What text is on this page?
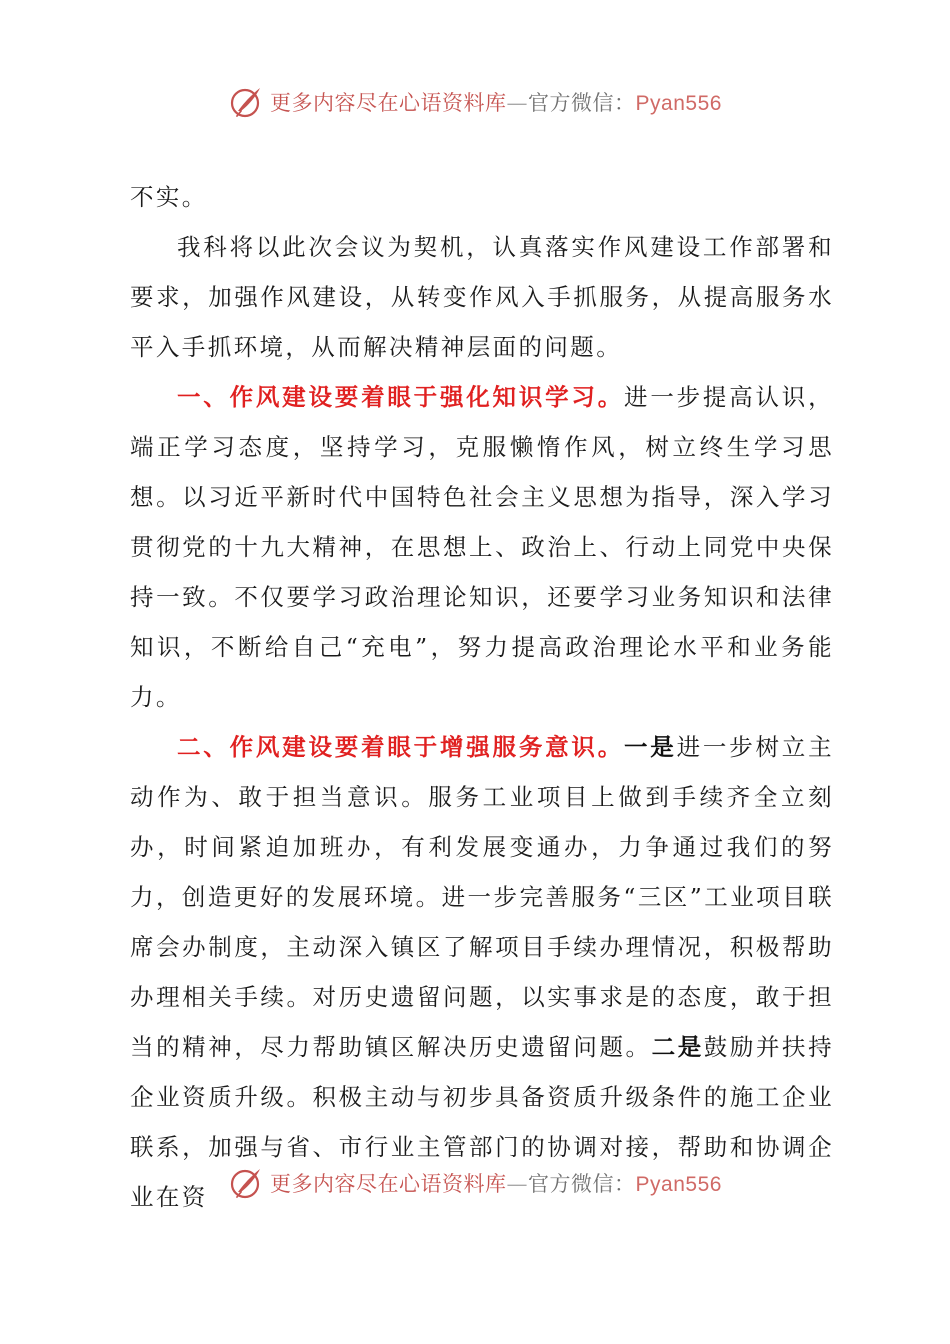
更多内容尽在心语资料库—官方微信：Pyan556

不实。

我科将以此次会议为契机，认真落实作风建设工作部署和要求，加强作风建设，从转变作风入手抓服务，从提高服务水平入手抓环境，从而解决精神层面的问题。

一、作风建设要着眼于强化知识学习。进一步提高认识，端正学习态度，坚持学习，克服懒惰作风，树立终生学习思想。以习近平新时代中国特色社会主义思想为指导，深入学习贯彻党的十九大精神，在思想上、政治上、行动上同党中央保持一致。不仅要学习政治理论知识，还要学习业务知识和法律知识，不断给自己“充电”，努力提高政治理论水平和业务能力。

二、作风建设要着眼于增强服务意识。一是进一步树立主动作为、敢于担当意识。服务工业项目上做到手续齐全立刻办，时间紧迫加班办，有利发展变通办，力争通过我们的努力，创造更好的发展环境。进一步完善服务“三区”工业项目联席会办制度，主动深入镇区了解项目手续办理情况，积极帮助办理相关手续。对历史遗留问题，以实事求是的态度，敢于担当的精神，尽力帮助镇区解决历史遗留问题。二是鼓励并扶持企业资质升级。积极主动与初步具备资质升级条件的施工企业联系，加强与省、市行业主管部门的协调对接，帮助和协调企业在资	更多内容尽在心语资料库—官方微信：Pyan556
